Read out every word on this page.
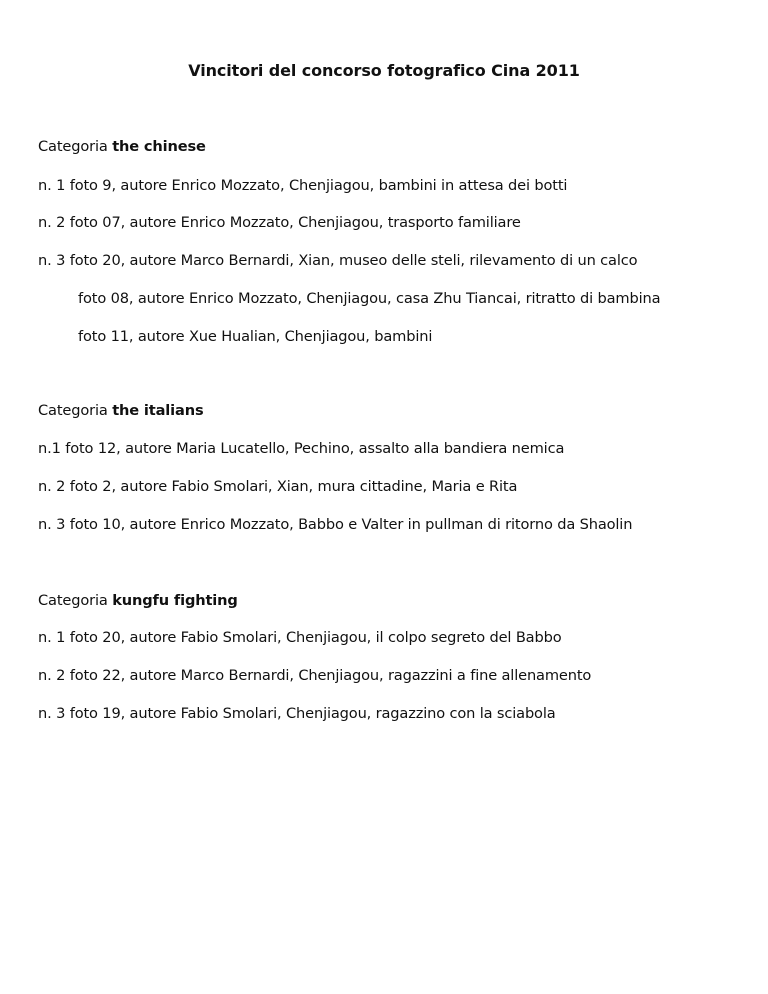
Vincitori del concorso fotografico Cina 2011
Categoria the chinese
n. 1 foto 9, autore Enrico Mozzato, Chenjiagou, bambini in attesa dei botti
n. 2 foto 07, autore Enrico Mozzato, Chenjiagou, trasporto familiare
n. 3 foto 20, autore Marco Bernardi, Xian, museo delle steli, rilevamento di un calco
foto 08, autore Enrico Mozzato, Chenjiagou, casa Zhu Tiancai, ritratto di bambina
foto 11, autore Xue Hualian, Chenjiagou, bambini
Categoria the italians
n.1 foto 12, autore Maria Lucatello, Pechino, assalto alla bandiera nemica
n. 2 foto 2, autore Fabio Smolari, Xian, mura cittadine, Maria e Rita
n. 3 foto 10, autore Enrico Mozzato, Babbo e Valter in pullman di ritorno da Shaolin
Categoria kungfu fighting
n. 1 foto 20, autore Fabio Smolari, Chenjiagou, il colpo segreto del Babbo
n. 2 foto 22, autore Marco Bernardi, Chenjiagou, ragazzini a fine allenamento
n. 3 foto 19, autore Fabio Smolari, Chenjiagou, ragazzino con la sciabola
